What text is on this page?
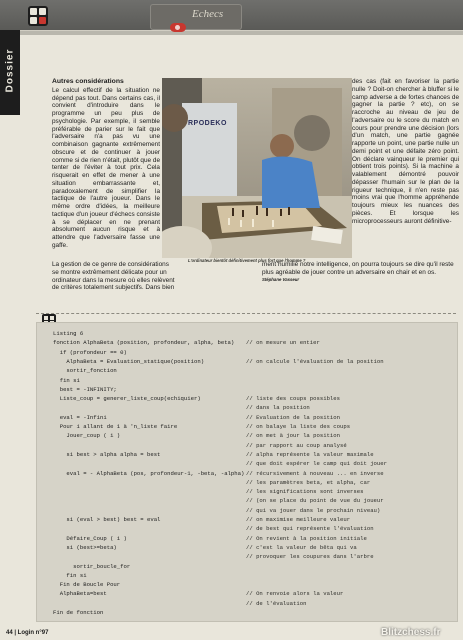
Echecs
Dossier	Autres considérations

Le calcul effectif de la situation ne dépend pas tout. Dans certains cas, il convient d'introduire dans le programme un peu plus de psychologie. Par exemple, il semble préférable de parier sur le fait que l'adversaire n'a pas vu une combinaison gagnante extrêmement obscure et de continuer à jouer comme si de rien n'était, plutôt que de tenter de l'éviter à tout prix. Cela risquerait en effet de mener à une situation embarrassante et, paradoxalement de simplifier la tactique de l'autre joueur. Dans le même ordre d'idées, la meilleure tactique d'un joueur d'échecs consiste à se déplacer en ne prenant absolument aucun risque et à attendre que l'adversaire fasse une gaffe.

RPODEKO
L'ordinateur bientôt définitivement plus fort que l'homme ?

des cas (fait en favoriser la partie nulle ? Doit-on chercher à bluffer si le camp adverse a de fortes chances de gagner la partie ? etc), on se raccroche au niveau de jeu de l'adversaire ou le score du match en cours pour prendre une décision (lors d'un match, une partie gagnée rapporte un point, une partie nulle un demi point et une défaite zéro point. On déclare vainqueur le premier qui obtient trois points). Si la machine a valablement démontré pouvoir dépasser l'humain sur le plan de la rigueur technique, il n'en reste pas moins vrai que l'homme appréhende toujours mieux les nuances des pièces. Et lorsque les microprocesseurs auront définitive-

La gestion de ce genre de considérations se montre extrêmement délicate pour un ordinateur dans la mesure où elles relèvent de critères totalement subjectifs. Dans bien
ment humilié notre intelligence, on pourra toujours se dire qu'il reste plus agréable de jouer contre un adversaire en chair et en os.
Stéphane Vasseur
Listing 6
fonction AlphaBeta (position, profondeur, alpha, beta) // on mesure un entier
if (profondeur == 0)
AlphaBeta = Evaluation_statique(position)	// on calcule l'évaluation de la position
sortir_fonction
fin si
best = -INFINITY;
Liste_coup = generer_liste_coup(echiquier)	// liste des coups possibles
// dans la position
eval = -Infini	// Evaluation de la position
Pour i allant de 1 à 'n_liste faire	// on balaye la liste des coups
Jouer_coup ( i )	// on met à jour la position
// par rapport au coup analysé
si best > alpha alpha = best	// alpha représente la valeur maximale
// que doit espérer le camp qui doit jouer
eval = - AlphaBeta (pos, profondeur-1, -beta, -alpha) // récursivement à nouveau ... en inverse
// les paramètres beta, et alpha, car
// les significations sont inverses
// (on se place du point de vue du joueur
// qui va jouer dans le prochain niveau)
si (eval > best) best = eval	// on maximise meilleure valeur
// de best qui représente l'évaluation
Défaire_Coup ( i )	// On revient à la position initiale
si (best>=beta)	// c'est la valeur de bêta qui va
// provoquer les coupures dans l'arbre
sortir_boucle_for
fin si
Fin de Boucle Pour
AlphaBeta=best	// On renvoie alors la valeur
// de l'évaluation
Fin de fonction
44 | Login n°97	Blitzchess.fr
